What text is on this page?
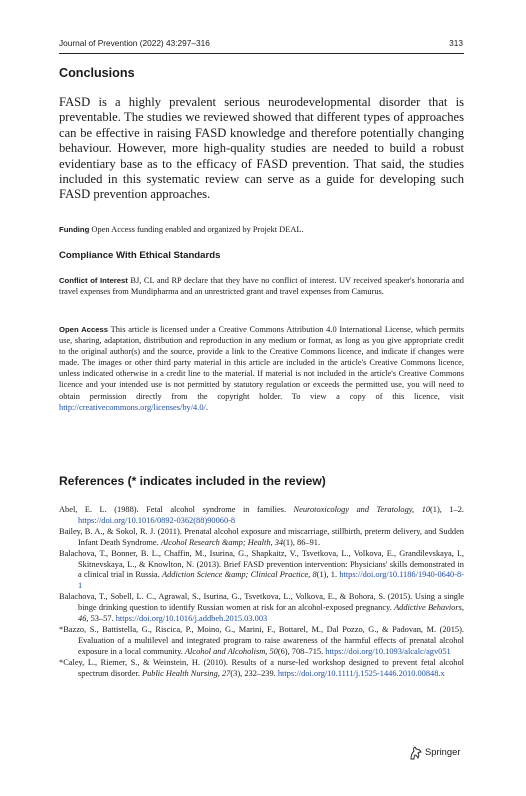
Journal of Prevention (2022) 43:297–316	313
Conclusions

FASD is a highly prevalent serious neurodevelopmental disorder that is preventable. The studies we reviewed showed that different types of approaches can be effective in raising FASD knowledge and therefore potentially changing behaviour. However, more high-quality studies are needed to build a robust evidentiary base as to the efficacy of FASD prevention. That said, the studies included in this systematic review can serve as a guide for developing such FASD prevention approaches.

Funding Open Access funding enabled and organized by Projekt DEAL.

Compliance With Ethical Standards

Conflict of Interest BJ, CL and RP declare that they have no conflict of interest. UV received speaker's honoraria and travel expenses from Mundipharma and an unrestricted grant and travel expenses from Camurus.

Open Access This article is licensed under a Creative Commons Attribution 4.0 International License, which permits use, sharing, adaptation, distribution and reproduction in any medium or format, as long as you give appropriate credit to the original author(s) and the source, provide a link to the Creative Commons licence, and indicate if changes were made. The images or other third party material in this article are included in the article's Creative Commons licence, unless indicated otherwise in a credit line to the material. If material is not included in the article's Creative Commons licence and your intended use is not permitted by statutory regulation or exceeds the permitted use, you will need to obtain permission directly from the copyright holder. To view a copy of this licence, visit http://creativecommons.org/licenses/by/4.0/.

References (* indicates included in the review)
Abel, E. L. (1988). Fetal alcohol syndrome in families. Neurotoxicology and Teratology, 10(1), 1–2. https://doi.org/10.1016/0892-0362(88)90060-8
Bailey, B. A., & Sokol, R. J. (2011). Prenatal alcohol exposure and miscarriage, stillbirth, preterm delivery, and Sudden Infant Death Syndrome. Alcohol Research &amp; Health, 34(1), 86–91.
Balachova, T., Bonner, B. L., Chaffin, M., Isurina, G., Shapkaitz, V., Tsvetkova, L., Volkova, E., Grandilevskaya, I., Skitnevskaya, L., & Knowlton, N. (2013). Brief FASD prevention intervention: Physicians' skills demonstrated in a clinical trial in Russia. Addiction Science &amp; Clinical Practice, 8(1), 1. https://doi.org/10.1186/1940-0640-8-1
Balachova, T., Sobell, L. C., Agrawal, S., Isurina, G., Tsvetkova, L., Volkova, E., & Bohora, S. (2015). Using a single binge drinking question to identify Russian women at risk for an alcohol-exposed pregnancy. Addictive Behaviors, 46, 53–57. https://doi.org/10.1016/j.addbeh.2015.03.003
*Bazzo, S., Battistella, G., Riscica, P., Moino, G., Marini, F., Bottarel, M., Dal Pozzo, G., & Padovan, M. (2015). Evaluation of a multilevel and integrated program to raise awareness of the harmful effects of prenatal alcohol exposure in a local community. Alcohol and Alcoholism, 50(6), 708–715. https://doi.org/10.1093/alcalc/agv051
*Caley, L., Riemer, S., & Weinstein, H. (2010). Results of a nurse-led workshop designed to prevent fetal alcohol spectrum disorder. Public Health Nursing, 27(3), 232–239. https://doi.org/10.1111/j.1525-1446.2010.00848.x
Springer
